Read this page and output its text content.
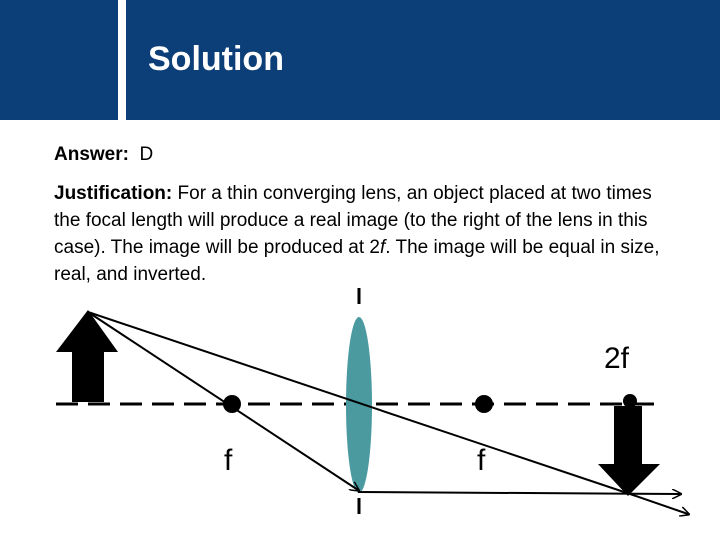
Solution
Answer: D
Justification: For a thin converging lens, an object placed at two times the focal length will produce a real image (to the right of the lens in this case). The image will be produced at 2f. The image will be equal in size, real, and inverted.
2f
f	f
